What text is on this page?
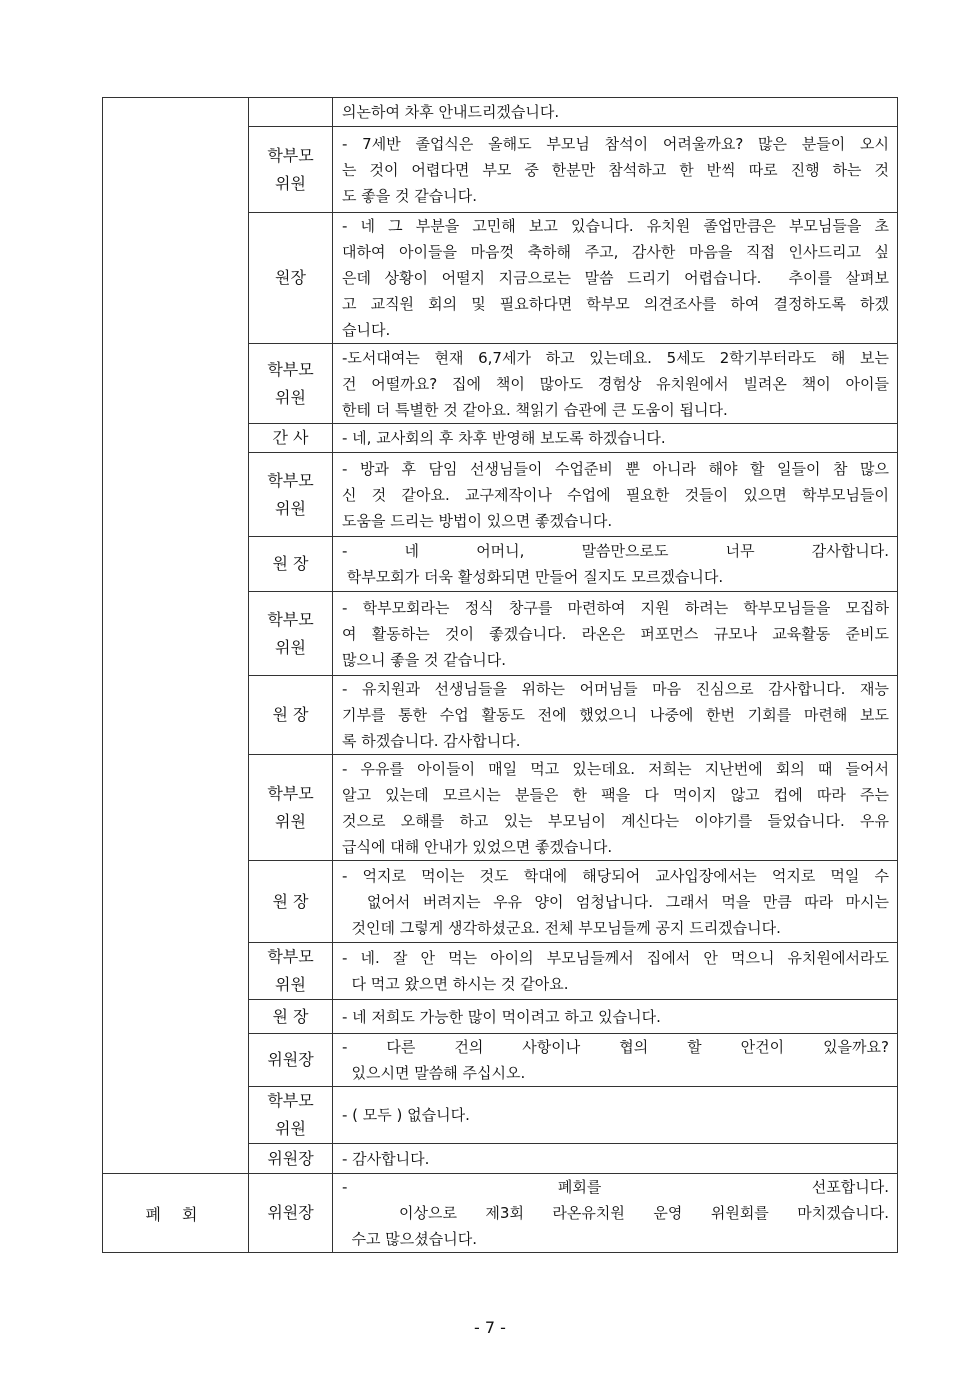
		의논하여 차후 안내드리겠습니다.

	학부모
위원	- 7세반 졸업식은 올해도 부모님 참석이 어려울까요? 많은 분들이 오시
는 것이 어렵다면 부모 중 한분만 참석하고 한 반씩 따로 진행 하는 것
도 좋을 것 같습니다.

	원장	- 네 그 부분을 고민해 보고 있습니다. 유치원 졸업만큼은 부모님들을 초
대하여 아이들을 마음껏 축하해 주고, 감사한 마음을 직접 인사드리고 싶
은데 상황이 어떨지 지금으로는 말씀 드리기 어렵습니다.  추이를 살펴보
고 교직원 회의 및 필요하다면 학부모 의견조사를 하여 결정하도록 하겠
습니다.

	학부모
위원	-도서대여는 현재 6,7세가 하고 있는데요. 5세도 2학기부터라도 해 보는
건 어떨까요? 집에 책이 많아도 경험상 유치원에서 빌려온 책이 아이들
한테 더 특별한 것 같아요. 책읽기 습관에 큰 도움이 됩니다.

	간 사	- 네, 교사회의 후 차후 반영해 보도록 하겠습니다.

	학부모
위원	- 방과 후 담임 선생님들이 수업준비 뿐 아니라 해야 할 일들이 참 많으
신 것 같아요. 교구제작이나 수업에 필요한 것들이 있으면 학부모님들이
도움을 드리는 방법이 있으면 좋겠습니다.

	원 장	- 네 어머니, 말씀만으로도 너무 감사합니다.
학부모회가 더욱 활성화되면 만들어 질지도 모르겠습니다.

	학부모
위원	- 학부모회라는 정식 창구를 마련하여 지원 하려는 학부모님들을 모집하
여 활동하는 것이 좋겠습니다. 라온은 퍼포먼스 규모나 교육활동 준비도
많으니 좋을 것 같습니다.

	원 장	- 유치원과 선생님들을 위하는 어머님들 마음 진심으로 감사합니다. 재능
기부를 통한 수업 활동도 전에 했었으니 나중에 한번 기회를 마련해 보도
록 하겠습니다. 감사합니다.

	학부모
위원	- 우유를 아이들이 매일 먹고 있는데요. 저희는 지난번에 회의 때 들어서
알고 있는데 모르시는 분들은 한 팩을 다 먹이지 않고 컵에 따라 주는
것으로 오해를 하고 있는 부모님이 계신다는 이야기를 들었습니다. 우유
급식에 대해 안내가 있었으면 좋겠습니다.

	원 장	- 억지로 먹이는 것도 학대에 해당되어 교사입장에서는 억지로 먹일 수
없어서 버려지는 우유 양이 엄청납니다. 그래서 먹을 만큼 따라 마시는
것인데 그렇게 생각하셨군요. 전체 부모님들께 공지 드리겠습니다.

	학부모
위원	- 네. 잘 안 먹는 아이의 부모님들께서 집에서 안 먹으니 유치원에서라도
다 먹고 왔으면 하시는 것 같아요.

	원 장	- 네 저희도 가능한 많이 먹이려고 하고 있습니다.

	위원장	- 다른 건의 사항이나 협의 할 안건이 있을까요?
있으시면 말씀해 주십시오.

	학부모
위원	- ( 모두 ) 없습니다.

	위원장	- 감사합니다.

폐 회	위원장	- 폐회를 선포합니다.
이상으로 제3회 라온유치원 운영 위원회를 마치겠습니다.
수고 많으셨습니다.
- 7 -
